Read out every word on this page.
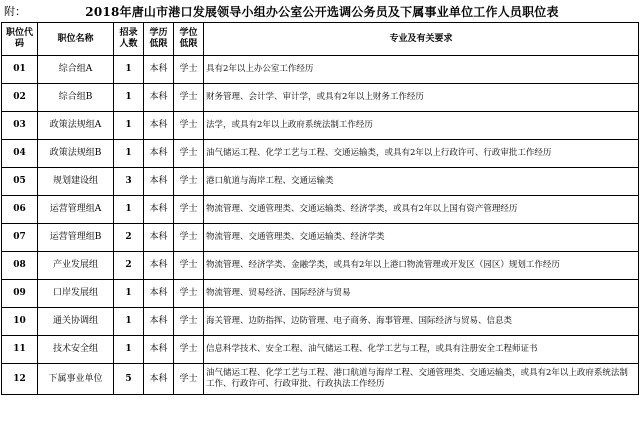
附：	2018年唐山市港口发展领导小组办公室公开选调公务员及下属事业单位工作人员职位表
职位代码	职位名称	招录人数	学历低限	学位低限	专业及有关要求
01	综合组A	1	本科	学士	具有2年以上办公室工作经历
02	综合组B	1	本科	学士	财务管理、会计学、审计学，或具有2年以上财务工作经历
03	政策法规组A	1	本科	学士	法学，或具有2年以上政府系统法制工作经历
04	政策法规组B	1	本科	学士	油气储运工程、化学工艺与工程、交通运输类，或具有2年以上行政许可、行政审批工作经历
05	规划建设组	3	本科	学士	港口航道与海岸工程、交通运输类
06	运营管理组A	1	本科	学士	物流管理、交通管理类、交通运输类、经济学类，或具有2年以上国有资产管理经历
07	运营管理组B	2	本科	学士	物流管理、交通管理类、交通运输类、经济学类
08	产业发展组	2	本科	学士	物流管理、经济学类、金融学类，或具有2年以上港口物流管理或开发区（园区）规划工作经历
09	口岸发展组	1	本科	学士	物流管理、贸易经济、国际经济与贸易
10	通关协调组	1	本科	学士	海关管理、边防指挥、边防管理、电子商务、海事管理、国际经济与贸易、信息类
11	技术安全组	1	本科	学士	信息科学技术、安全工程、油气储运工程、化学工艺与工程，或具有注册安全工程师证书
12	下属事业单位	5	本科	学士	油气储运工程、化学工艺与工程、港口航道与海岸工程、交通管理类、交通运输类，或具有2年以上政府系统法制工作、行政许可、行政审批、行政执法工作经历
